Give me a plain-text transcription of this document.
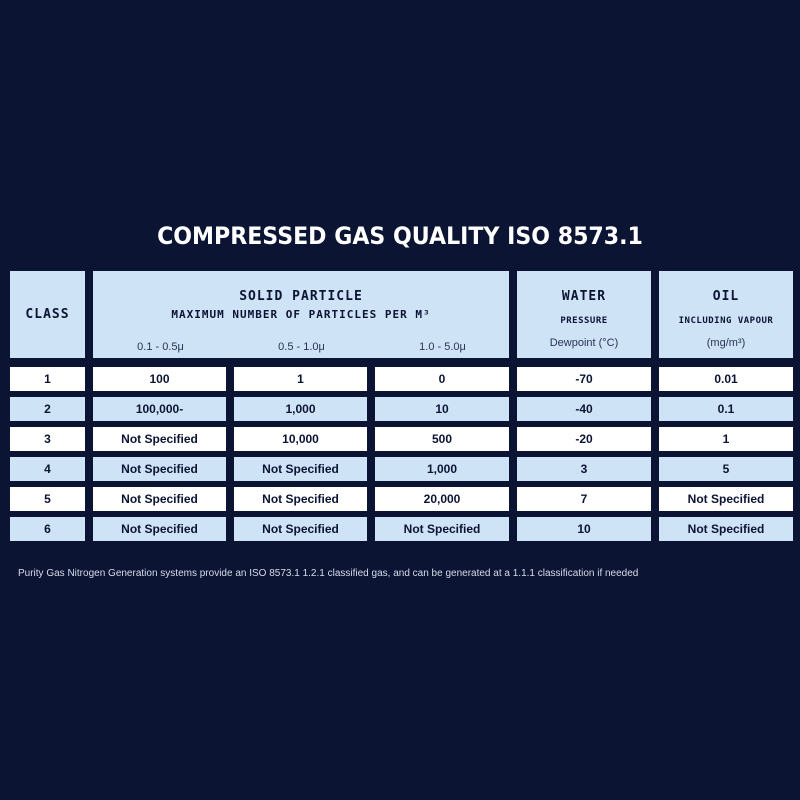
COMPRESSED GAS QUALITY ISO 8573.1
CLASS
SOLID PARTICLE
MAXIMUM NUMBER OF PARTICLES PER M³
0.1 - 0.5μ	0.5 - 1.0μ	1.0 - 5.0μ
WATER
PRESSURE
Dewpoint (°C)
OIL
INCLUDING VAPOUR
(mg/m³)
1	100	1	0	-70	0.01
2	100,000-	1,000	10	-40	0.1
3	Not Specified	10,000	500	-20	1
4	Not Specified	Not Specified	1,000	3	5
5	Not Specified	Not Specified	20,000	7	Not Specified
6	Not Specified	Not Specified	Not Specified	10	Not Specified
Purity Gas Nitrogen Generation systems provide an ISO 8573.1 1.2.1 classified gas, and can be generated at a 1.1.1 classification if needed
